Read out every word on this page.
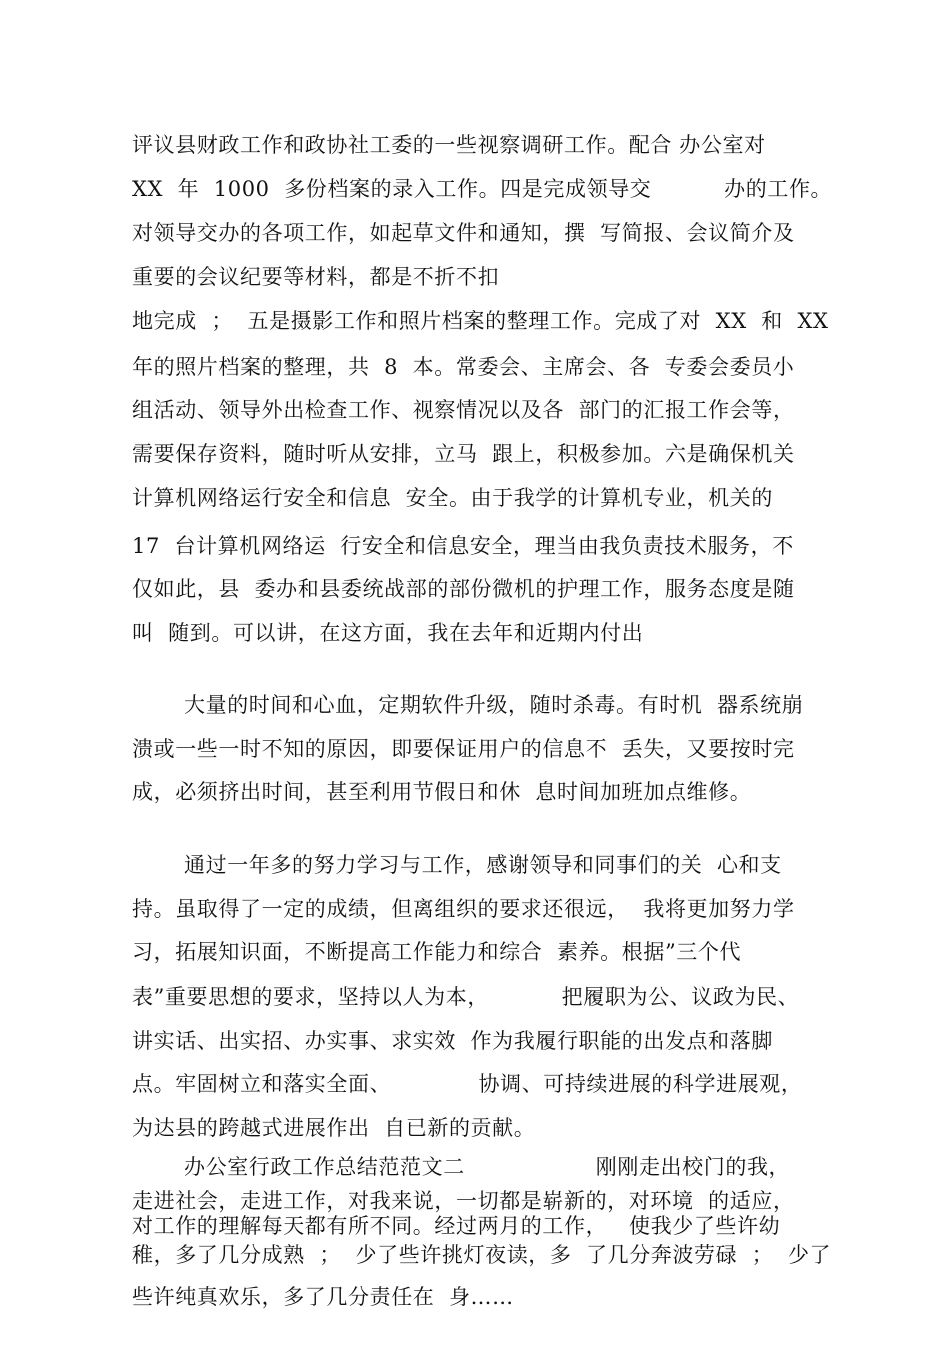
评议县财政工作和政协社工委的一些视察调研工作。配合 办公室对
XX  年  1000  多份档案的录入工作。四是完成领导交          办的工作。
对领导交办的各项工作，如起草文件和通知，撰  写简报、会议简介及
重要的会议纪要等材料，都是不折不扣
地完成  ；  五是摄影工作和照片档案的整理工作。完成了对  XX  和  XX
年的照片档案的整理，共  8  本。常委会、主席会、各  专委会委员小
组活动、领导外出检查工作、视察情况以及各  部门的汇报工作会等，
需要保存资料，随时听从安排，立马  跟上，积极参加。六是确保机关
计算机网络运行安全和信息  安全。由于我学的计算机专业，机关的
17  台计算机网络运  行安全和信息安全，理当由我负责技术服务，不
仅如此，县  委办和县委统战部的部份微机的护理工作，服务态度是随
叫  随到。可以讲，在这方面，我在去年和近期内付出
大量的时间和心血，定期软件升级，随时杀毒。有时机  器系统崩
溃或一些一时不知的原因，即要保证用户的信息不  丢失，又要按时完
成，必须挤出时间，甚至利用节假日和休  息时间加班加点维修。
通过一年多的努力学习与工作，感谢领导和同事们的关  心和支
持。虽取得了一定的成绩，但离组织的要求还很远，  我将更加努力学
习，拓展知识面，不断提高工作能力和综合  素养。根据”三个代
表”重要思想的要求，坚持以人为本，          把履职为公、议政为民、
讲实话、出实招、办实事、求实效  作为我履行职能的出发点和落脚
点。牢固树立和落实全面、            协调、可持续进展的科学进展观，
为达县的跨越式进展作出  自已新的贡献。
办公室行政工作总结范范文二                  刚刚走出校门的我，
走进社会，走进工作，对我来说，一切都是崭新的，对环境  的适应，
对工作的理解每天都有所不同。经过两月的工作，   使我少了些许幼
稚，多了几分成熟  ；  少了些许挑灯夜读，多  了几分奔波劳碌  ；  少了
些许纯真欢乐，多了几分责任在  身……
